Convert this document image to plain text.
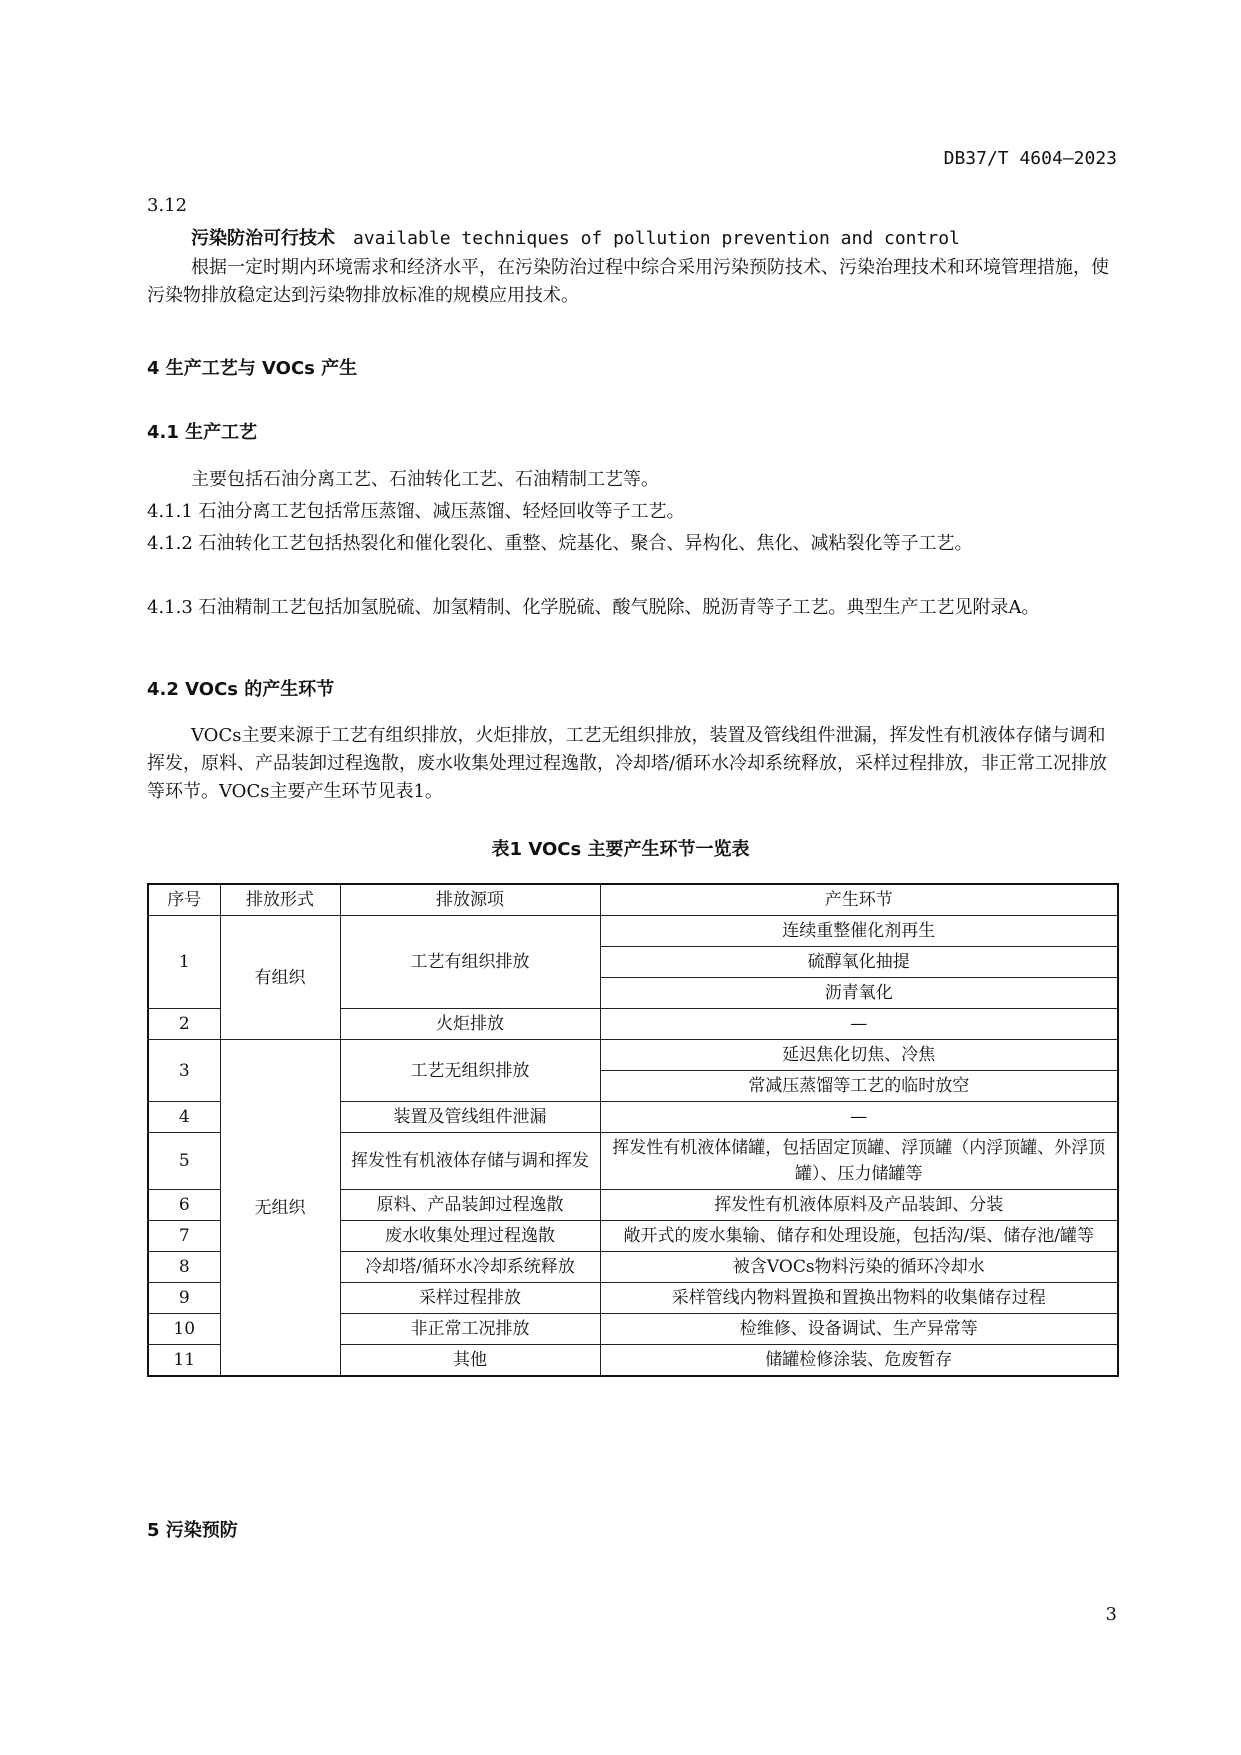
DB37/T 4604—2023
3.12
污染防治可行技术 available techniques of pollution prevention and control
根据一定时期内环境需求和经济水平，在污染防治过程中综合采用污染预防技术、污染治理技术和环境管理措施，使污染物排放稳定达到污染物排放标准的规模应用技术。
4 生产工艺与 VOCs 产生
4.1 生产工艺
主要包括石油分离工艺、石油转化工艺、石油精制工艺等。
4.1.1 石油分离工艺包括常压蒸馏、减压蒸馏、轻烃回收等子工艺。
4.1.2 石油转化工艺包括热裂化和催化裂化、重整、烷基化、聚合、异构化、焦化、减粘裂化等子工艺。
4.1.3 石油精制工艺包括加氢脱硫、加氢精制、化学脱硫、酸气脱除、脱沥青等子工艺。典型生产工艺见附录A。
4.2 VOCs 的产生环节
VOCs主要来源于工艺有组织排放，火炬排放，工艺无组织排放，装置及管线组件泄漏，挥发性有机液体存储与调和挥发，原料、产品装卸过程逸散，废水收集处理过程逸散，冷却塔/循环水冷却系统释放，采样过程排放，非正常工况排放等环节。VOCs主要产生环节见表1。
表1 VOCs 主要产生环节一览表
序号	排放形式	排放源项	产生环节
1	有组织	工艺有组织排放	连续重整催化剂再生
			硫醇氧化抽提
			沥青氧化
2		火炬排放	—
3	无组织	工艺无组织排放	延迟焦化切焦、冷焦
			常减压蒸馏等工艺的临时放空
4		装置及管线组件泄漏	—
5		挥发性有机液体存储与调和挥发	挥发性有机液体储罐，包括固定顶罐、浮顶罐（内浮顶罐、外浮顶罐）、压力储罐等
6		原料、产品装卸过程逸散	挥发性有机液体原料及产品装卸、分装
7		废水收集处理过程逸散	敞开式的废水集输、储存和处理设施，包括沟/渠、储存池/罐等
8		冷却塔/循环水冷却系统释放	被含VOCs物料污染的循环冷却水
9		采样过程排放	采样管线内物料置换和置换出物料的收集储存过程
10		非正常工况排放	检维修、设备调试、生产异常等
11		其他	储罐检修涂装、危废暂存
5 污染预防
3
